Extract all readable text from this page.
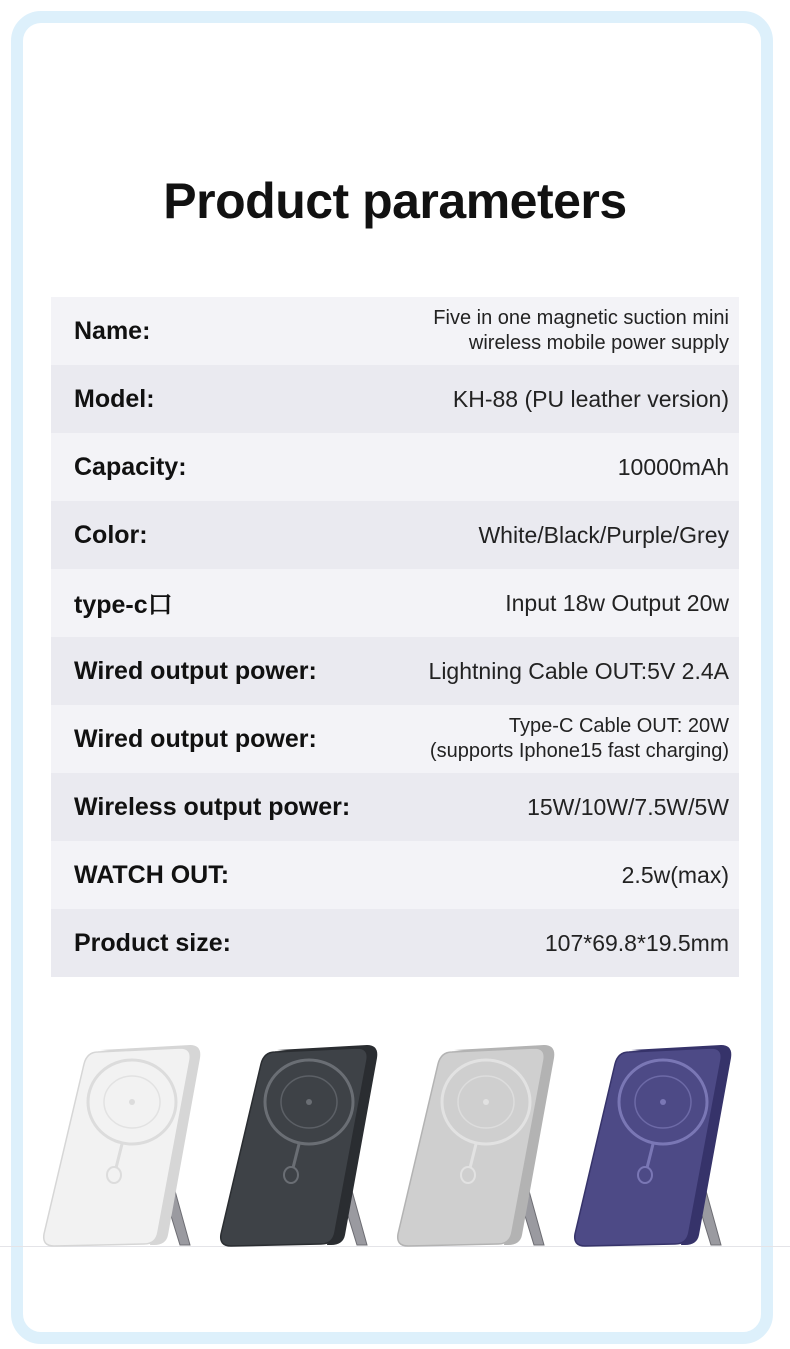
Product parameters
Name:	Five in one magnetic suction mini
wireless mobile power supply
Model:	KH-88 (PU leather version)
Capacity:	10000mAh
Color:	White/Black/Purple/Grey
type-c口	Input 18w Output 20w
Wired output power:	Lightning Cable OUT:5V 2.4A
Wired output power:	Type-C Cable OUT: 20W
(supports Iphone15 fast charging)
Wireless output power:	15W/10W/7.5W/5W
WATCH OUT:	2.5w(max)
Product size:	107*69.8*19.5mm
